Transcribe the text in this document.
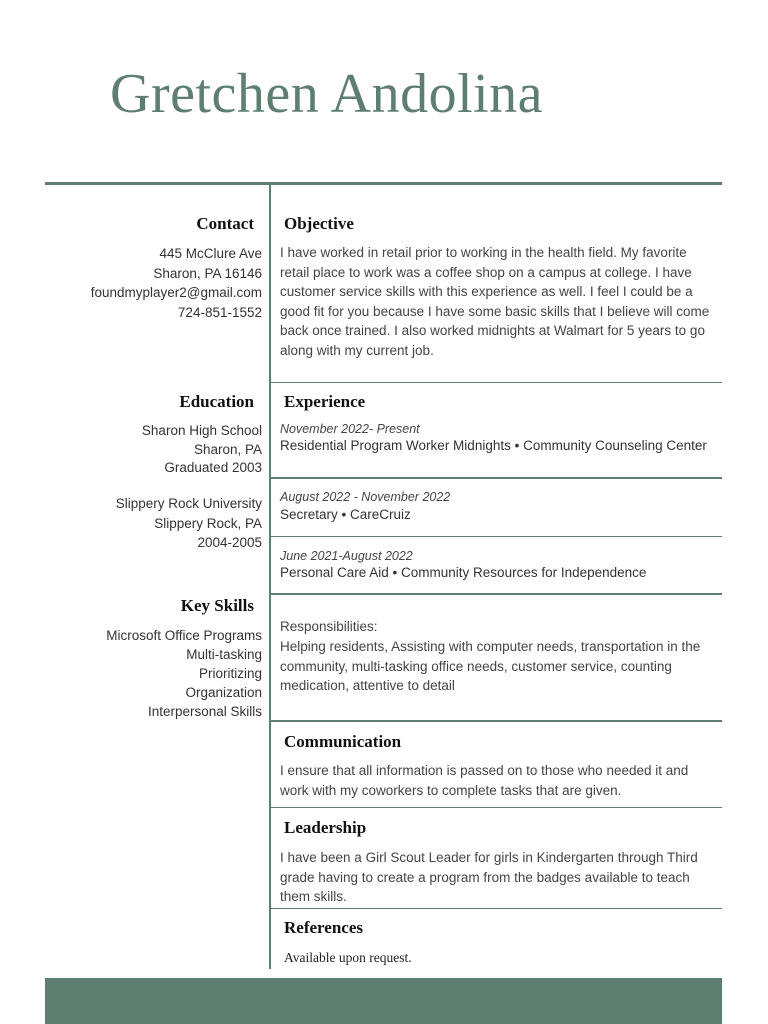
Gretchen Andolina
Contact
445 McClure Ave
Sharon, PA 16146
foundmyplayer2@gmail.com
724-851-1552
Education
Sharon High School
Sharon, PA
Graduated 2003
Slippery Rock University
Slippery Rock, PA
2004-2005
Key Skills
Microsoft Office Programs
Multi-tasking
Prioritizing
Organization
Interpersonal Skills
Objective

I have worked in retail prior to working in the health field. My favorite retail place to work was a coffee shop on a campus at college. I have customer service skills with this experience as well. I feel I could be a good fit for you because I have some basic skills that I believe will come back once trained. I also worked midnights at Walmart for 5 years to go along with my current job.

Experience
November 2022- Present
Residential Program Worker Midnights • Community Counseling Center
August 2022 - November 2022
Secretary • CareCruiz
June 2021-August 2022
Personal Care Aid • Community Resources for Independence
Responsibilities:

Helping residents, Assisting with computer needs, transportation in the community, multi-tasking office needs, customer service, counting medication, attentive to detail

Communication

I ensure that all information is passed on to those who needed it and work with my coworkers to complete tasks that are given.

Leadership

I have been a Girl Scout Leader for girls in Kindergarten through Third grade having to create a program from the badges available to teach them skills.

References
Available upon request.
